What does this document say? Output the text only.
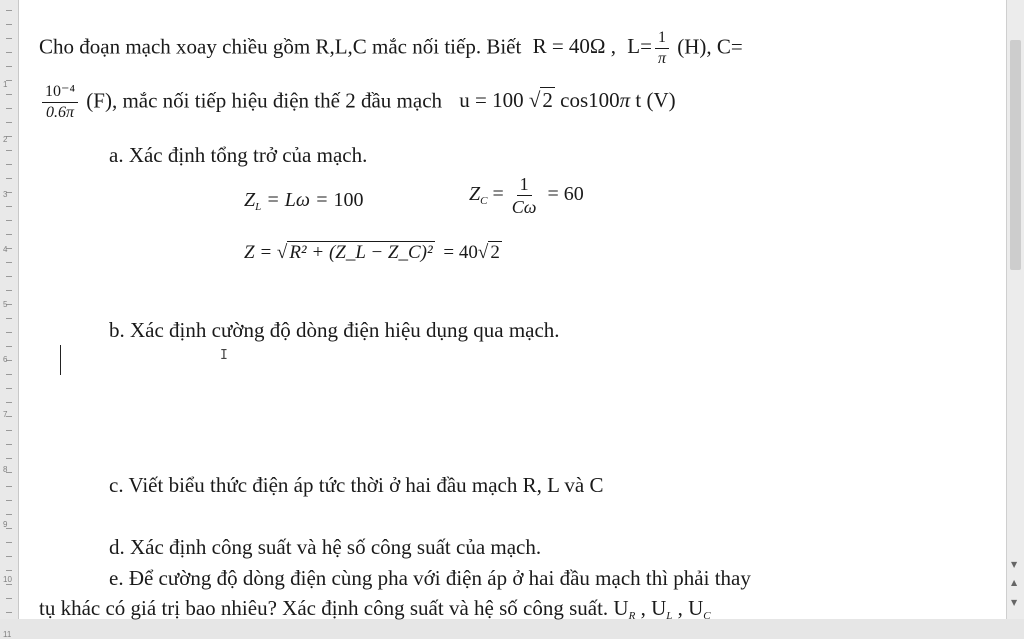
1
2
3
4
5
6
7
8
9
10
11
Cho đoạn mạch xoay chiều gồm R,L,C mắc nối tiếp. Biết R = 40Ω , $L= \frac{1}{\pi} (H)$, C=
$\frac{\text{10⁻⁴}}{0.6\pi} (F)$, mắc nối tiếp hiệu điện thế 2 đầu mạch u = 100 √2 cos100π t (V)
a. Xác định tổng trở của mạch.
$Z_L = L\omega = 100$	$Z_C = \frac{1}{C\omega} = 60$
Z = √ R² + (Z_L − Z_C)² = 40√ 2
b. Xác định cường độ dòng điện hiệu dụng qua mạch.
I
c. Viết biểu thức điện áp tức thời ở hai đầu mạch R, L và C
d. Xác định công suất và hệ số công suất của mạch.
e. Để cường độ dòng điện cùng pha với điện áp ở hai đầu mạch thì phải thay
tụ khác có giá trị bao nhiêu? Xác định công suất và hệ số công suất. $U_R$ , $U_L$ , $U_C$
▼
▲
▼
